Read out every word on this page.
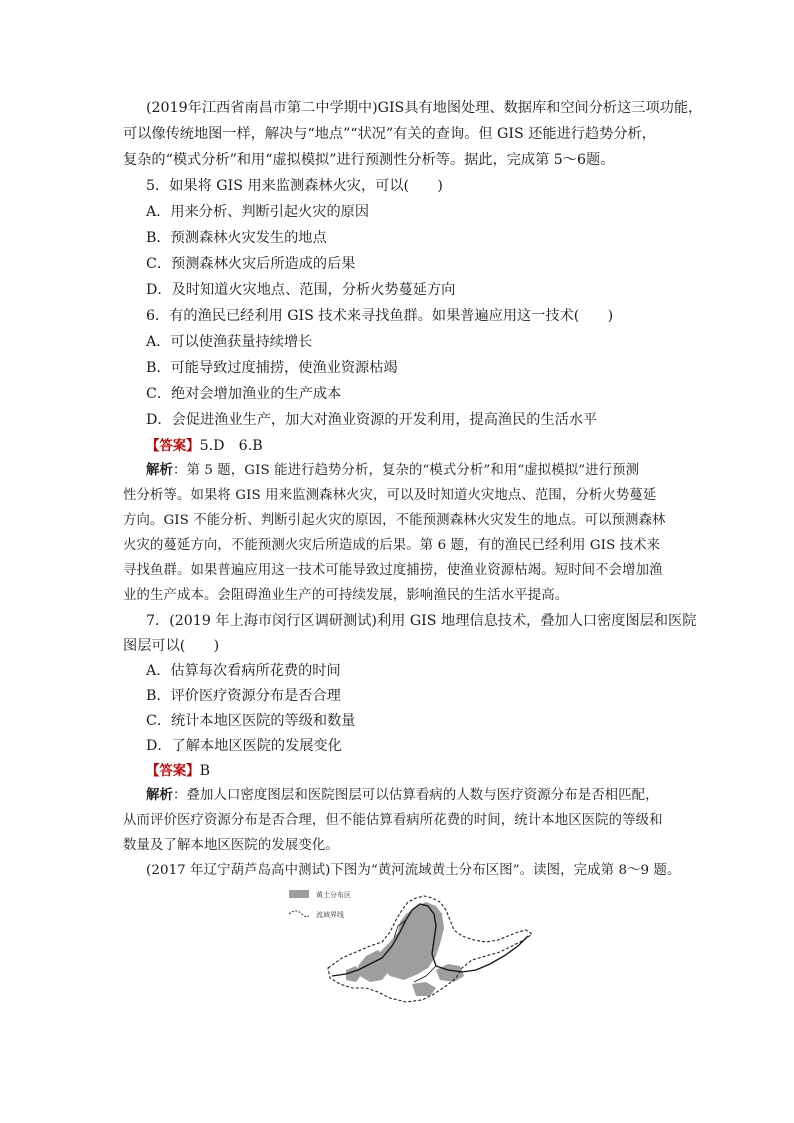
(2019年江西省南昌市第二中学期中)GIS具有地图处理、数据库和空间分析这三项功能，
可以像传统地图一样，解决与“地点”“状况”有关的查询。但 GIS 还能进行趋势分析，
复杂的“模式分析”和用“虚拟模拟”进行预测性分析等。据此，完成第 5～6题。
5．如果将 GIS 用来监测森林火灾，可以(　　)
A．用来分析、判断引起火灾的原因
B．预测森林火灾发生的地点
C．预测森林火灾后所造成的后果
D．及时知道火灾地点、范围，分析火势蔓延方向
6．有的渔民已经利用 GIS 技术来寻找鱼群。如果普遍应用这一技术(　　)
A．可以使渔获量持续增长
B．可能导致过度捕捞，使渔业资源枯竭
C．绝对会增加渔业的生产成本
D．会促进渔业生产，加大对渔业资源的开发利用，提高渔民的生活水平
【答案】5.D　6.B
解析：第 5 题，GIS 能进行趋势分析，复杂的“模式分析”和用“虚拟模拟”进行预测
性分析等。如果将 GIS 用来监测森林火灾，可以及时知道火灾地点、范围，分析火势蔓延
方向。GIS 不能分析、判断引起火灾的原因，不能预测森林火灾发生的地点。可以预测森林
火灾的蔓延方向，不能预测火灾后所造成的后果。第 6 题，有的渔民已经利用 GIS 技术来
寻找鱼群。如果普遍应用这一技术可能导致过度捕捞，使渔业资源枯竭。短时间不会增加渔
业的生产成本。会阻碍渔业生产的可持续发展，影响渔民的生活水平提高。
7．(2019 年上海市闵行区调研测试)利用 GIS 地理信息技术，叠加人口密度图层和医院
图层可以(　　)
A．估算每次看病所花费的时间
B．评价医疗资源分布是否合理
C．统计本地区医院的等级和数量
D．了解本地区医院的发展变化
【答案】B
解析：叠加人口密度图层和医院图层可以估算看病的人数与医疗资源分布是否相匹配，
从而评价医疗资源分布是否合理，但不能估算看病所花费的时间，统计本地区医院的等级和
数量及了解本地区医院的发展变化。
(2017 年辽宁葫芦岛高中测试)下图为“黄河流域黄土分布区图”。读图，完成第 8～9 题。
黄土分布区
流域界线
